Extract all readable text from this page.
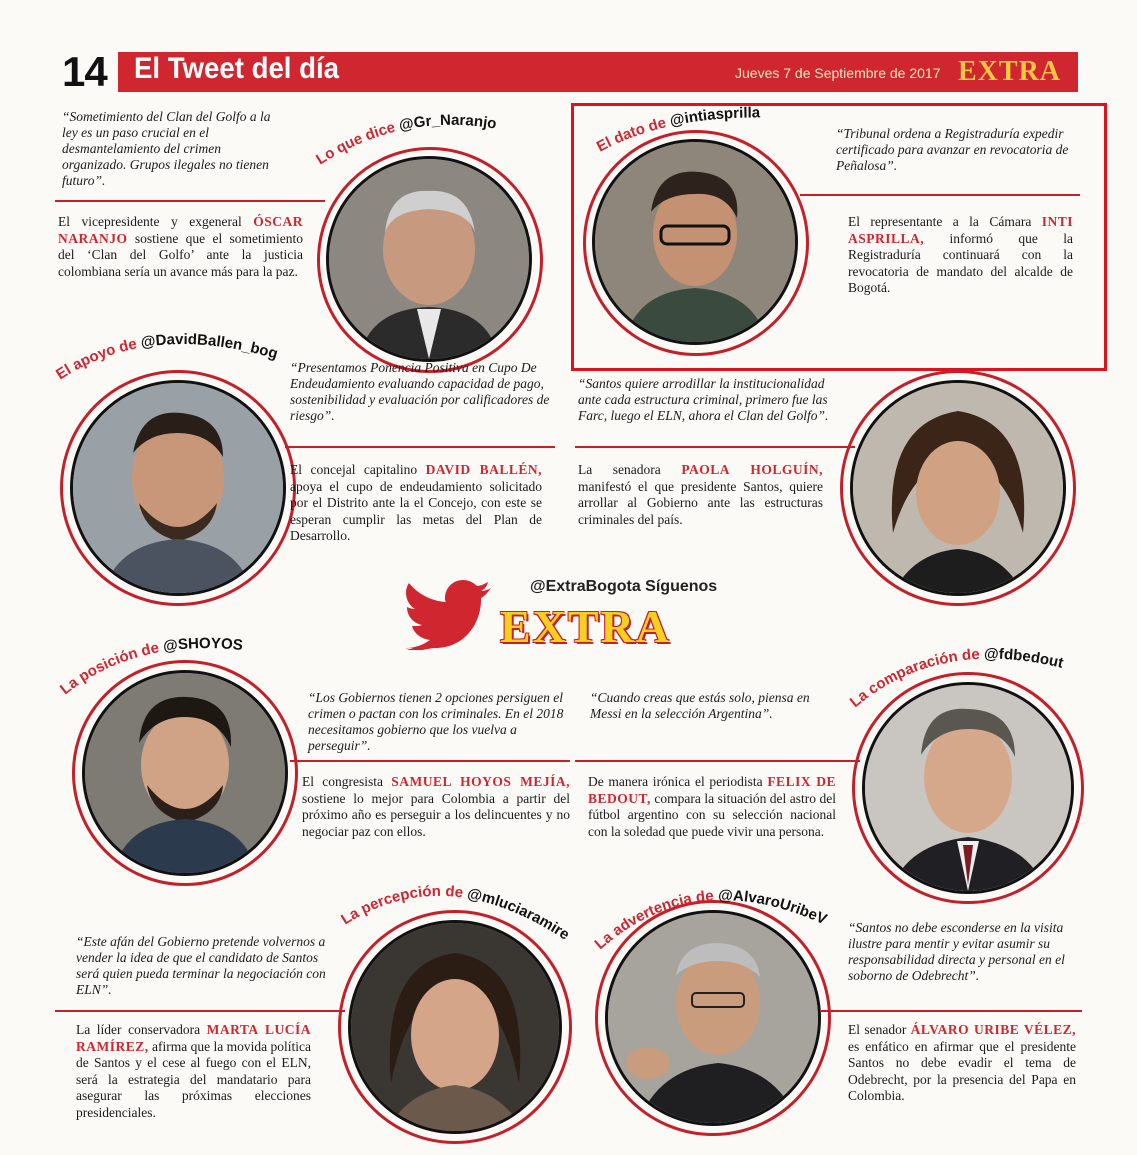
14 El Tweet del día	Jueves 7 de Septiembre de 2017 EXTRA
“Sometimiento del Clan del Golfo a la ley es un paso crucial en el desmantelamiento del crimen organizado. Grupos ilegales no tienen futuro”.
El vicepresidente y exgeneral ÓSCAR NARANJO sostiene que el sometimiento del ‘Clan del Golfo’ ante la justicia colombiana sería un avance más para la paz.
Lo que dice @Gr_Naranjo
El dato de @intiasprilla
“Tribunal ordena a Registraduría expedir certificado para avanzar en revocatoria de Peñalosa”.
El representante a la Cámara INTI ASPRILLA, informó que la Registraduría continuará con la revocatoria de mandato del alcalde de Bogotá.
El apoyo de @DavidBallen_bog
“Presentamos Ponencia Positiva en Cupo De Endeudamiento evaluando capacidad de pago, sostenibilidad y evaluación por calificadores de riesgo”.
El concejal capitalino DAVID BALLÉN, apoya el cupo de endeudamiento solicitado por el Distrito ante la el Concejo, con este se esperan cumplir las metas del Plan de Desarrollo.
“Santos quiere arrodillar la institucionalidad ante cada estructura criminal, primero fue las Farc, luego el ELN, ahora el Clan del Golfo”.
La senadora PAOLA HOLGUÍN, manifestó el que presidente Santos, quiere arrollar al Gobierno ante las estructuras criminales del país.
@ExtraBogota Síguenos
EXTRA
La posición de @SHOYOS
“Los Gobiernos tienen 2 opciones persiguen el crimen o pactan con los criminales. En el 2018 necesitamos gobierno que los vuelva a perseguir”.
El congresista SAMUEL HOYOS MEJÍA, sostiene lo mejor para Colombia a partir del próximo año es perseguir a los delincuentes y no negociar paz con ellos.
“Cuando creas que estás solo, piensa en Messi en la selección Argentina”.
De manera irónica el periodista FELIX DE BEDOUT, compara la situación del astro del fútbol argentino con su selección nacional con la soledad que puede vivir una persona.
La comparación de @fdbedout
“Este afán del Gobierno pretende volvernos a vender la idea de que el candidato de Santos será quien pueda terminar la negociación con ELN”.
La líder conservadora MARTA LUCÍA RAMÍREZ, afirma que la movida política de Santos y el cese al fuego con el ELN, será la estrategia del mandatario para asegurar las próximas elecciones presidenciales.
La percepción de @mluciaramirez
La advertencia de @AlvaroUribeVel
“Santos no debe esconderse en la visita ilustre para mentir y evitar asumir su responsabilidad directa y personal en el soborno de Odebrecht”.
El senador ÁLVARO URIBE VÉLEZ, es enfático en afirmar que el presidente Santos no debe evadir el tema de Odebrecht, por la presencia del Papa en Colombia.
